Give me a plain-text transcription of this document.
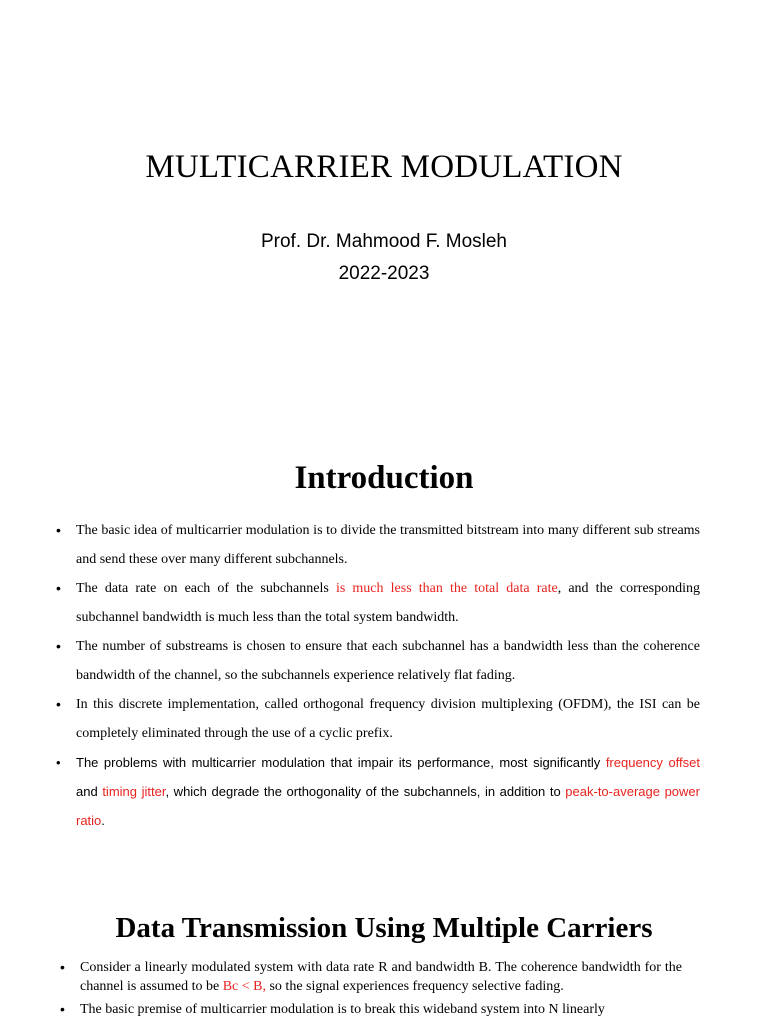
MULTICARRIER MODULATION
Prof. Dr. Mahmood F. Mosleh
2022-2023
Introduction
• The basic idea of multicarrier modulation is to divide the transmitted bitstream into many different sub streams and send these over many different subchannels.
• The data rate on each of the subchannels is much less than the total data rate, and the corresponding subchannel bandwidth is much less than the total system bandwidth.
• The number of substreams is chosen to ensure that each subchannel has a bandwidth less than the coherence bandwidth of the channel, so the subchannels experience relatively flat fading.
• In this discrete implementation, called orthogonal frequency division multiplexing (OFDM), the ISI can be completely eliminated through the use of a cyclic prefix.
• The problems with multicarrier modulation that impair its performance, most significantly frequency offset and timing jitter, which degrade the orthogonality of the subchannels, in addition to peak-to-average power ratio.
Data Transmission Using Multiple Carriers
• Consider a linearly modulated system with data rate R and bandwidth B. The coherence bandwidth for the channel is assumed to be Bc < B, so the signal experiences frequency selective fading.
• The basic premise of multicarrier modulation is to break this wideband system into N linearly
